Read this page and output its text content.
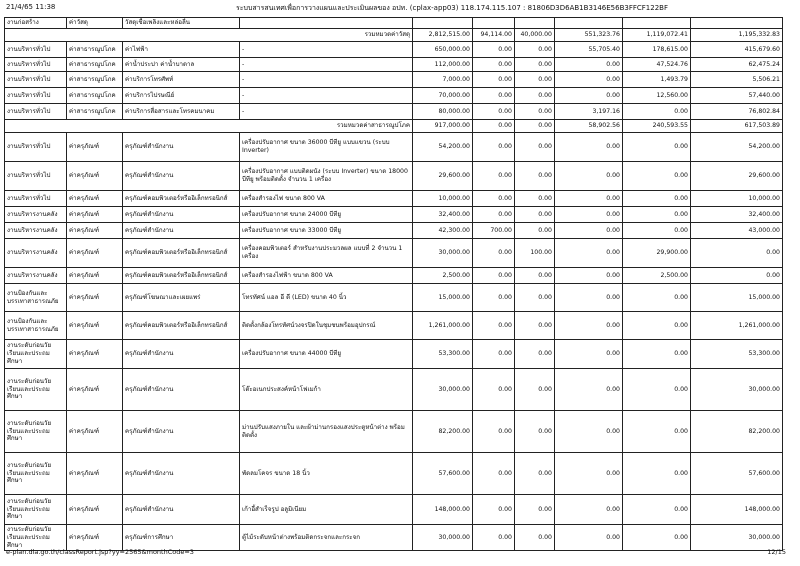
21/4/65 11:38	ระบบสารสนเทศเพื่อการวางแผนและประเมินผลของ อปท. (cplax-app03) 118.174.115.107 : 81806D3D6AB1B3146E56B3FFCF122BF
งานก่อสร้าง	ค่าวัสดุ	วัสดุเชื้อเพลิงและหล่อลื่น							
รวมหมวดค่าวัสดุ				2,812,515.00	94,114.00	40,000.00	551,323.76	1,119,072.41	1,195,332.83
งานบริหารทั่วไป	ค่าสาธารณูปโภค	ค่าไฟฟ้า	-	650,000.00	0.00	0.00	55,705.40	178,615.00	415,679.60
งานบริหารทั่วไป	ค่าสาธารณูปโภค	ค่าน้ำประปา ค่าน้ำบาดาล	-	112,000.00	0.00	0.00	0.00	47,524.76	62,475.24
งานบริหารทั่วไป	ค่าสาธารณูปโภค	ค่าบริการโทรศัพท์	-	7,000.00	0.00	0.00	0.00	1,493.79	5,506.21
งานบริหารทั่วไป	ค่าสาธารณูปโภค	ค่าบริการไปรษณีย์	-	70,000.00	0.00	0.00	0.00	12,560.00	57,440.00
งานบริหารทั่วไป	ค่าสาธารณูปโภค	ค่าบริการสื่อสารและโทรคมนาคม	-	80,000.00	0.00	0.00	3,197.16	0.00	76,802.84
รวมหมวดค่าสาธารณูปโภค				917,000.00	0.00	0.00	58,902.56	240,593.55	617,503.89
งานบริหารทั่วไป	ค่าครุภัณฑ์	ครุภัณฑ์สำนักงาน	เครื่องปรับอากาศ ขนาด 36000 บีทียู แบบแขวน (ระบบ Inverter)	54,200.00	0.00	0.00	0.00	0.00	54,200.00
งานบริหารทั่วไป	ค่าครุภัณฑ์	ครุภัณฑ์สำนักงาน	เครื่องปรับอากาศ แบบติดผนัง (ระบบ Inverter) ขนาด 18000 บีทียู พร้อมติดตั้ง จำนวน 1 เครื่อง	29,600.00	0.00	0.00	0.00	0.00	29,600.00
งานบริหารทั่วไป	ค่าครุภัณฑ์	ครุภัณฑ์คอมพิวเตอร์หรืออิเล็กทรอนิกส์	เครื่องสำรองไฟ ขนาด 800 VA	10,000.00	0.00	0.00	0.00	0.00	10,000.00
งานบริหารงานคลัง	ค่าครุภัณฑ์	ครุภัณฑ์สำนักงาน	เครื่องปรับอากาศ ขนาด 24000 บีทียู	32,400.00	0.00	0.00	0.00	0.00	32,400.00
งานบริหารงานคลัง	ค่าครุภัณฑ์	ครุภัณฑ์สำนักงาน	เครื่องปรับอากาศ ขนาด 33000 บีทียู	42,300.00	700.00	0.00	0.00	0.00	43,000.00
งานบริหารงานคลัง	ค่าครุภัณฑ์	ครุภัณฑ์คอมพิวเตอร์หรืออิเล็กทรอนิกส์	เครื่องคอมพิวเตอร์ สำหรับงานประมวลผล แบบที่ 2 จำนวน 1 เครื่อง	30,000.00	0.00	100.00	0.00	29,900.00	0.00
งานบริหารงานคลัง	ค่าครุภัณฑ์	ครุภัณฑ์คอมพิวเตอร์หรืออิเล็กทรอนิกส์	เครื่องสำรองไฟฟ้า ขนาด 800 VA	2,500.00	0.00	0.00	0.00	2,500.00	0.00
งานป้องกันและบรรเทาสาธารณภัย	ค่าครุภัณฑ์	ครุภัณฑ์โฆษณาและเผยแพร่	โทรทัศน์ แอล อี ดี (LED) ขนาด 40 นิ้ว	15,000.00	0.00	0.00	0.00	0.00	15,000.00
งานป้องกันและบรรเทาสาธารณภัย	ค่าครุภัณฑ์	ครุภัณฑ์คอมพิวเตอร์หรืออิเล็กทรอนิกส์	ติดตั้งกล้องโทรทัศน์วงจรปิดในชุมชนพร้อมอุปกรณ์	1,261,000.00	0.00	0.00	0.00	0.00	1,261,000.00
งานระดับก่อนวัยเรียนและประถมศึกษา	ค่าครุภัณฑ์	ครุภัณฑ์สำนักงาน	เครื่องปรับอากาศ ขนาด 44000 บีทียู	53,300.00	0.00	0.00	0.00	0.00	53,300.00
งานระดับก่อนวัยเรียนและประถมศึกษา	ค่าครุภัณฑ์	ครุภัณฑ์สำนักงาน	โต๊ะอเนกประสงค์หน้าโฟเมก้า	30,000.00	0.00	0.00	0.00	0.00	30,000.00
งานระดับก่อนวัยเรียนและประถมศึกษา	ค่าครุภัณฑ์	ครุภัณฑ์สำนักงาน	ม่านปรับแสงภายใน และผ้าม่านกรองแสงประตูหน้าต่าง พร้อมติดตั้ง	82,200.00	0.00	0.00	0.00	0.00	82,200.00
งานระดับก่อนวัยเรียนและประถมศึกษา	ค่าครุภัณฑ์	ครุภัณฑ์สำนักงาน	พัดลมโคจร ขนาด 18 นิ้ว	57,600.00	0.00	0.00	0.00	0.00	57,600.00
งานระดับก่อนวัยเรียนและประถมศึกษา	ค่าครุภัณฑ์	ครุภัณฑ์สำนักงาน	เก้าอี้สำเร็จรูป อลูมิเนียม	148,000.00	0.00	0.00	0.00	0.00	148,000.00
งานระดับก่อนวัยเรียนและประถมศึกษา	ค่าครุภัณฑ์	ครุภัณฑ์การศึกษา	ตู้ไม้ระดับหน้าต่างพร้อมติดกระจกและกระจก	30,000.00	0.00	0.00	0.00	0.00	30,000.00
e-plan.dla.go.th/classReport.jsp?yy=2565&monthCode=3	12/15
